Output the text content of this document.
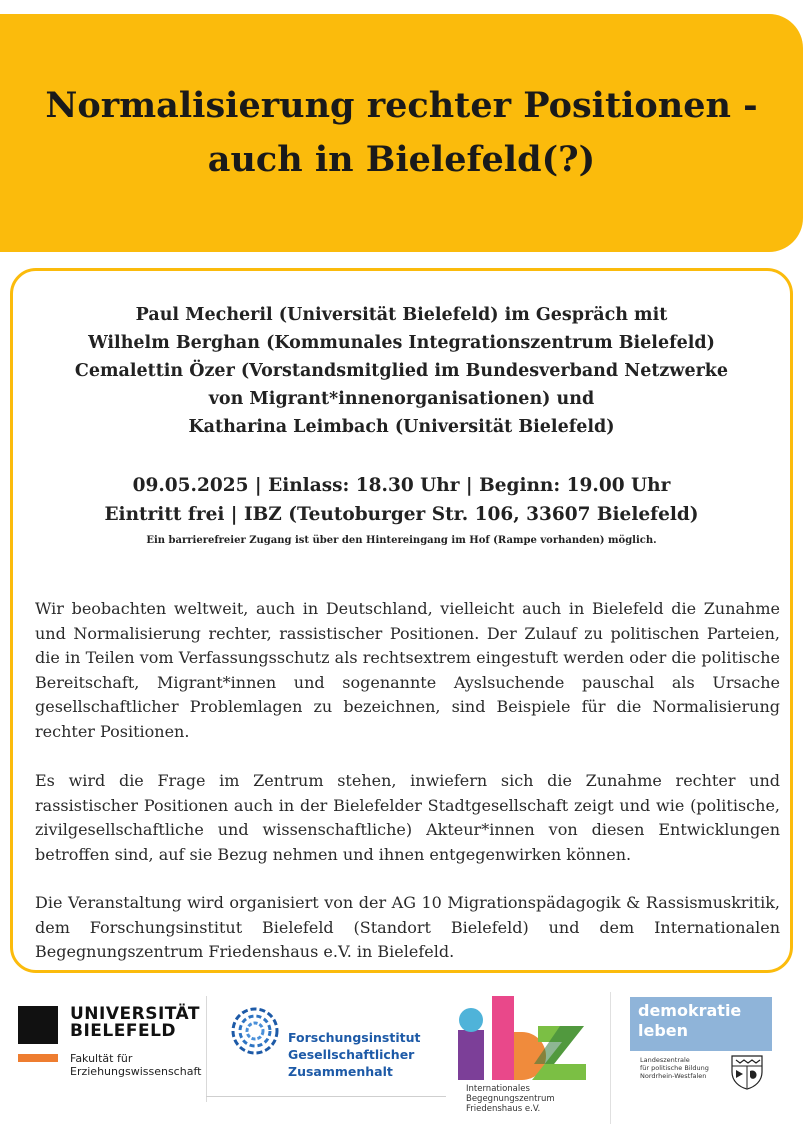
Normalisierung rechter Positionen -
auch in Bielefeld(?)
Paul Mecheril (Universität Bielefeld) im Gespräch mit
Wilhelm Berghan (Kommunales Integrationszentrum Bielefeld)
Cemalettin Özer (Vorstandsmitglied im Bundesverband Netzwerke
von Migrant*innenorganisationen) und
Katharina Leimbach (Universität Bielefeld)
09.05.2025 | Einlass: 18.30 Uhr | Beginn: 19.00 Uhr
Eintritt frei | IBZ (Teutoburger Str. 106, 33607 Bielefeld)
Ein barrierefreier Zugang ist über den Hintereingang im Hof (Rampe vorhanden) möglich.
Wir beobachten weltweit, auch in Deutschland, vielleicht auch in Bielefeld die Zunahme und Normalisierung rechter, rassistischer Positionen. Der Zulauf zu politischen Parteien, die in Teilen vom Verfassungsschutz als rechtsextrem eingestuft werden oder die politische Bereitschaft, Migrant*innen und sogenannte Ayslsuchende pauschal als Ursache gesellschaftlicher Problemlagen zu bezeichnen, sind Beispiele für die Normalisierung rechter Positionen.
Es wird die Frage im Zentrum stehen, inwiefern sich die Zunahme rechter und rassistischer Positionen auch in der Bielefelder Stadtgesellschaft zeigt und wie (politische, zivilgesellschaftliche und wissenschaftliche) Akteur*innen von diesen Entwicklungen betroffen sind, auf sie Bezug nehmen und ihnen entgegenwirken können.
Die Veranstaltung wird organisiert von der AG 10 Migrationspädagogik & Rassismuskritik, dem Forschungsinstitut Bielefeld (Standort Bielefeld) und dem Internationalen Begegnungszentrum Friedenshaus e.V. in Bielefeld.
UNIVERSITÄT
BIELEFELD
Fakultät für
Erziehungswissenschaft
Forschungsinstitut
Gesellschaftlicher
Zusammenhalt
Internationales
Begegnungszentrum
Friedenshaus e.V.
demokratie
leben
Landeszentrale
für politische Bildung
Nordrhein-Westfalen
